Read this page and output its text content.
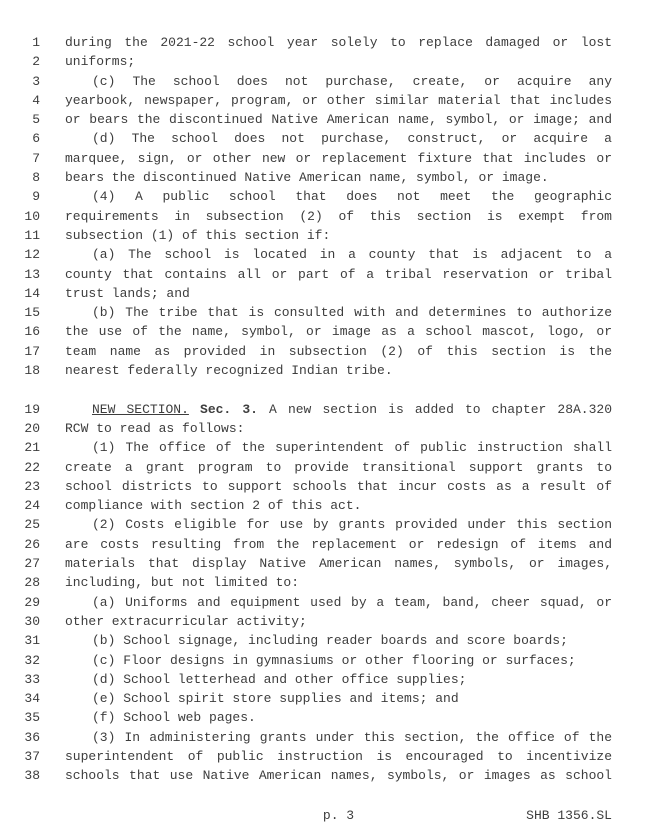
1 during the 2021-22 school year solely to replace damaged or lost
2 uniforms;
3	(c) The school does not purchase, create, or acquire any
4 yearbook, newspaper, program, or other similar material that includes
5 or bears the discontinued Native American name, symbol, or image; and
6	(d) The school does not purchase, construct, or acquire a
7 marquee, sign, or other new or replacement fixture that includes or
8 bears the discontinued Native American name, symbol, or image.
9	(4) A public school that does not meet the geographic
10 requirements in subsection (2) of this section is exempt from
11 subsection (1) of this section if:
12	(a) The school is located in a county that is adjacent to a
13 county that contains all or part of a tribal reservation or tribal
14 trust lands; and
15	(b) The tribe that is consulted with and determines to authorize
16 the use of the name, symbol, or image as a school mascot, logo, or
17 team name as provided in subsection (2) of this section is the
18 nearest federally recognized Indian tribe.
19	NEW SECTION. Sec. 3. A new section is added to chapter 28A.320
20 RCW to read as follows:
21	(1) The office of the superintendent of public instruction shall
22 create a grant program to provide transitional support grants to
23 school districts to support schools that incur costs as a result of
24 compliance with section 2 of this act.
25	(2) Costs eligible for use by grants provided under this section
26 are costs resulting from the replacement or redesign of items and
27 materials that display Native American names, symbols, or images,
28 including, but not limited to:
29	(a) Uniforms and equipment used by a team, band, cheer squad, or
30 other extracurricular activity;
31	(b) School signage, including reader boards and score boards;
32	(c) Floor designs in gymnasiums or other flooring or surfaces;
33	(d) School letterhead and other office supplies;
34	(e) School spirit store supplies and items; and
35	(f) School web pages.
36	(3) In administering grants under this section, the office of the
37 superintendent of public instruction is encouraged to incentivize
38 schools that use Native American names, symbols, or images as school
p. 3	SHB 1356.SL
